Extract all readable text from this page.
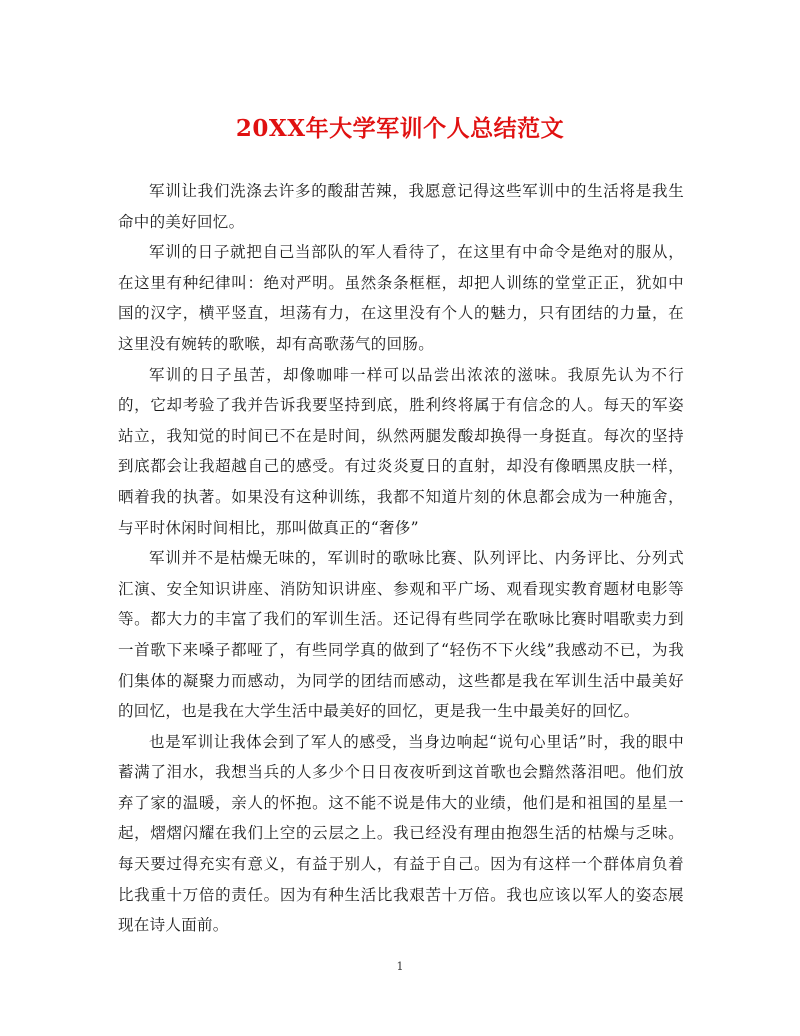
20XX年大学军训个人总结范文

军训让我们洗涤去许多的酸甜苦辣，我愿意记得这些军训中的生活将是我生命中的美好回忆。

军训的日子就把自己当部队的军人看待了，在这里有中命令是绝对的服从，在这里有种纪律叫：绝对严明。虽然条条框框，却把人训练的堂堂正正，犹如中国的汉字，横平竖直，坦荡有力，在这里没有个人的魅力，只有团结的力量，在这里没有婉转的歌喉，却有高歌荡气的回肠。

军训的日子虽苦，却像咖啡一样可以品尝出浓浓的滋味。我原先认为不行的，它却考验了我并告诉我要坚持到底，胜利终将属于有信念的人。每天的军姿站立，我知觉的时间已不在是时间，纵然两腿发酸却换得一身挺直。每次的坚持到底都会让我超越自己的感受。有过炎炎夏日的直射，却没有像晒黑皮肤一样，晒着我的执著。如果没有这种训练，我都不知道片刻的休息都会成为一种施舍，与平时休闲时间相比，那叫做真正的“奢侈”

军训并不是枯燥无味的，军训时的歌咏比赛、队列评比、内务评比、分列式汇演、安全知识讲座、消防知识讲座、参观和平广场、观看现实教育题材电影等等。都大力的丰富了我们的军训生活。还记得有些同学在歌咏比赛时唱歌卖力到一首歌下来嗓子都哑了，有些同学真的做到了“轻伤不下火线”我感动不已，为我们集体的凝聚力而感动，为同学的团结而感动，这些都是我在军训生活中最美好的回忆，也是我在大学生活中最美好的回忆，更是我一生中最美好的回忆。

也是军训让我体会到了军人的感受，当身边响起“说句心里话”时，我的眼中蓄满了泪水，我想当兵的人多少个日日夜夜听到这首歌也会黯然落泪吧。他们放弃了家的温暖，亲人的怀抱。这不能不说是伟大的业绩，他们是和祖国的星星一起，熠熠闪耀在我们上空的云层之上。我已经没有理由抱怨生活的枯燥与乏味。每天要过得充实有意义，有益于别人，有益于自己。因为有这样一个群体肩负着比我重十万倍的责任。因为有种生活比我艰苦十万倍。我也应该以军人的姿态展现在诗人面前。

1
